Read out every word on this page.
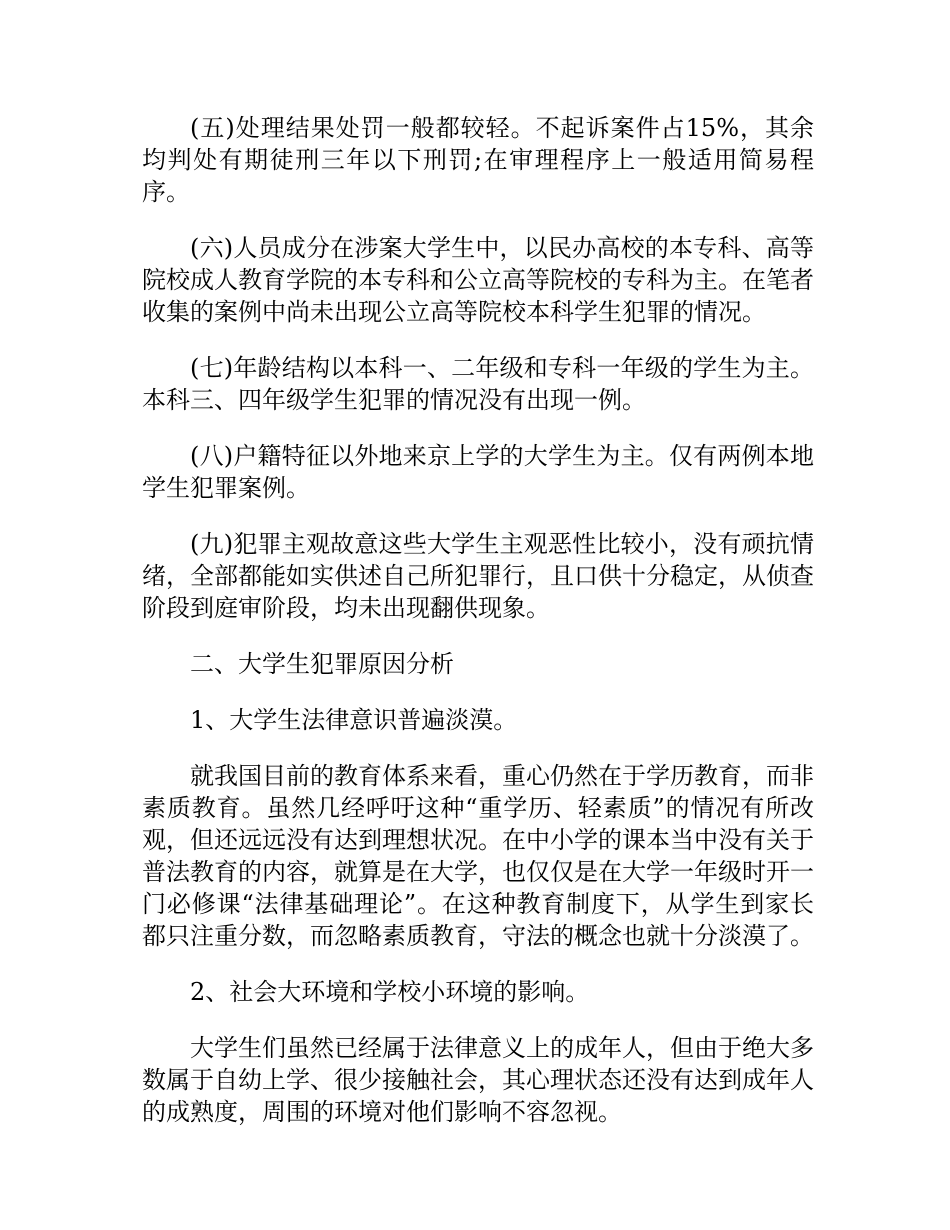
(五)处理结果处罚一般都较轻。不起诉案件占15%，其余均判处有期徒刑三年以下刑罚;在审理程序上一般适用简易程序。

(六)人员成分在涉案大学生中，以民办高校的本专科、高等院校成人教育学院的本专科和公立高等院校的专科为主。在笔者收集的案例中尚未出现公立高等院校本科学生犯罪的情况。

(七)年龄结构以本科一、二年级和专科一年级的学生为主。本科三、四年级学生犯罪的情况没有出现一例。

(八)户籍特征以外地来京上学的大学生为主。仅有两例本地学生犯罪案例。

(九)犯罪主观故意这些大学生主观恶性比较小，没有顽抗情绪，全部都能如实供述自己所犯罪行，且口供十分稳定，从侦查阶段到庭审阶段，均未出现翻供现象。

二、大学生犯罪原因分析

1、大学生法律意识普遍淡漠。

就我国目前的教育体系来看，重心仍然在于学历教育，而非素质教育。虽然几经呼吁这种“重学历、轻素质”的情况有所改观，但还远远没有达到理想状况。在中小学的课本当中没有关于普法教育的内容，就算是在大学，也仅仅是在大学一年级时开一门必修课“法律基础理论”。在这种教育制度下，从学生到家长都只注重分数，而忽略素质教育，守法的概念也就十分淡漠了。

2、社会大环境和学校小环境的影响。

大学生们虽然已经属于法律意义上的成年人，但由于绝大多数属于自幼上学、很少接触社会，其心理状态还没有达到成年人的成熟度，周围的环境对他们影响不容忽视。
